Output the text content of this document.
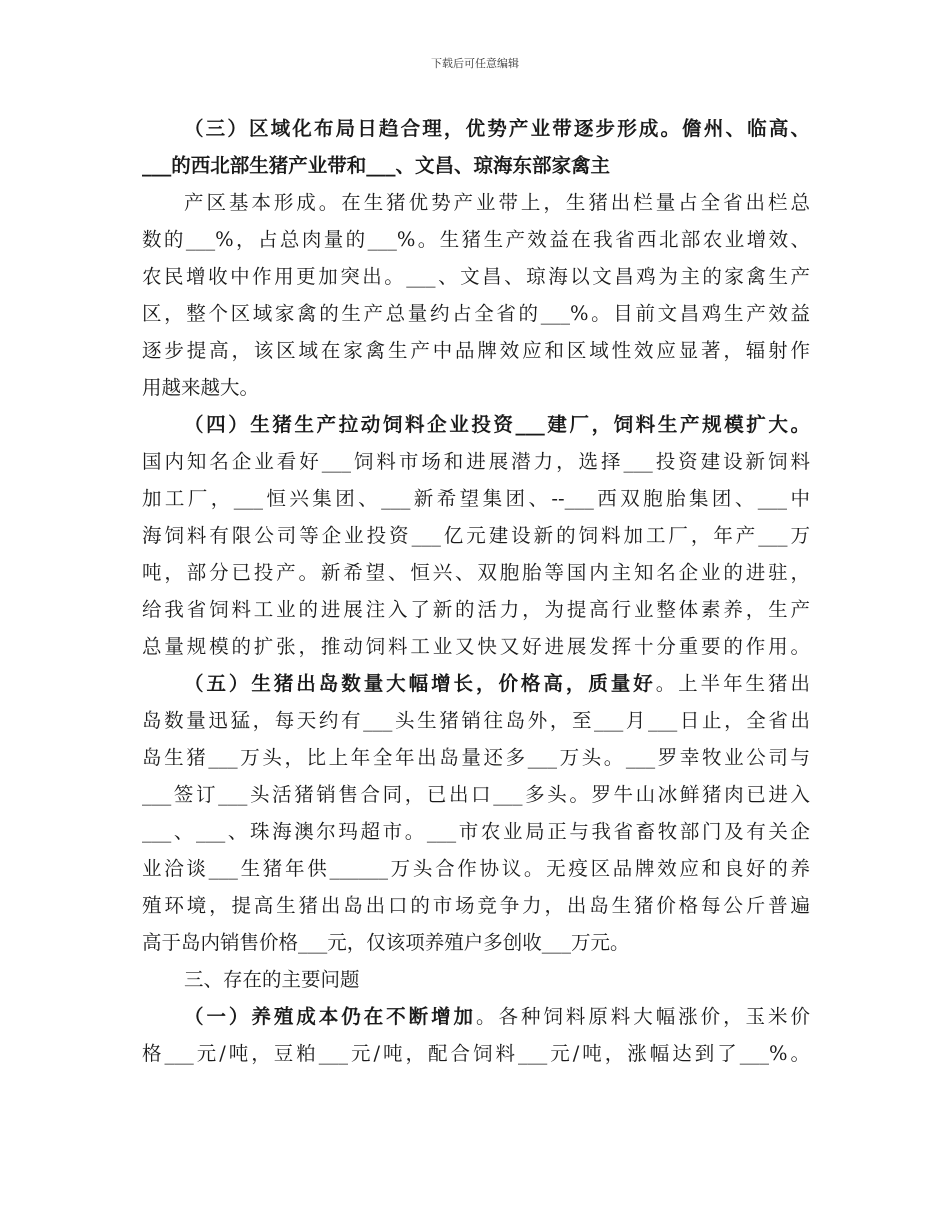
下载后可任意编辑
（三）区域化布局日趋合理，优势产业带逐步形成。儋州、临高、
___的西北部生猪产业带和___、文昌、琼海东部家禽主
产区基本形成。在生猪优势产业带上，生猪出栏量占全省出栏总
数的___%，占总肉量的___%。生猪生产效益在我省西北部农业增效、
农民增收中作用更加突出。___、文昌、琼海以文昌鸡为主的家禽生产
区，整个区域家禽的生产总量约占全省的___%。目前文昌鸡生产效益
逐步提高，该区域在家禽生产中品牌效应和区域性效应显著，辐射作
用越来越大。
（四）生猪生产拉动饲料企业投资___建厂，饲料生产规模扩大。
国内知名企业看好___饲料市场和进展潜力，选择___投资建设新饲料
加工厂，___恒兴集团、___新希望集团、--___西双胞胎集团、___中
海饲料有限公司等企业投资___亿元建设新的饲料加工厂，年产___万
吨，部分已投产。新希望、恒兴、双胞胎等国内主知名企业的进驻，
给我省饲料工业的进展注入了新的活力，为提高行业整体素养，生产
总量规模的扩张，推动饲料工业又快又好进展发挥十分重要的作用。
（五）生猪出岛数量大幅增长，价格高，质量好。上半年生猪出
岛数量迅猛，每天约有___头生猪销往岛外，至___月___日止，全省出
岛生猪___万头，比上年全年出岛量还多___万头。___罗幸牧业公司与
___签订___头活猪销售合同，已出口___多头。罗牛山冰鲜猪肉已进入
___、___、珠海澳尔玛超市。___市农业局正与我省畜牧部门及有关企
业洽谈___生猪年供______万头合作协议。无疫区品牌效应和良好的养
殖环境，提高生猪出岛出口的市场竞争力，出岛生猪价格每公斤普遍
高于岛内销售价格___元，仅该项养殖户多创收___万元。
三、存在的主要问题
（一）养殖成本仍在不断增加。各种饲料原料大幅涨价，玉米价
格___元/吨，豆粕___元/吨，配合饲料___元/吨，涨幅达到了___%。
